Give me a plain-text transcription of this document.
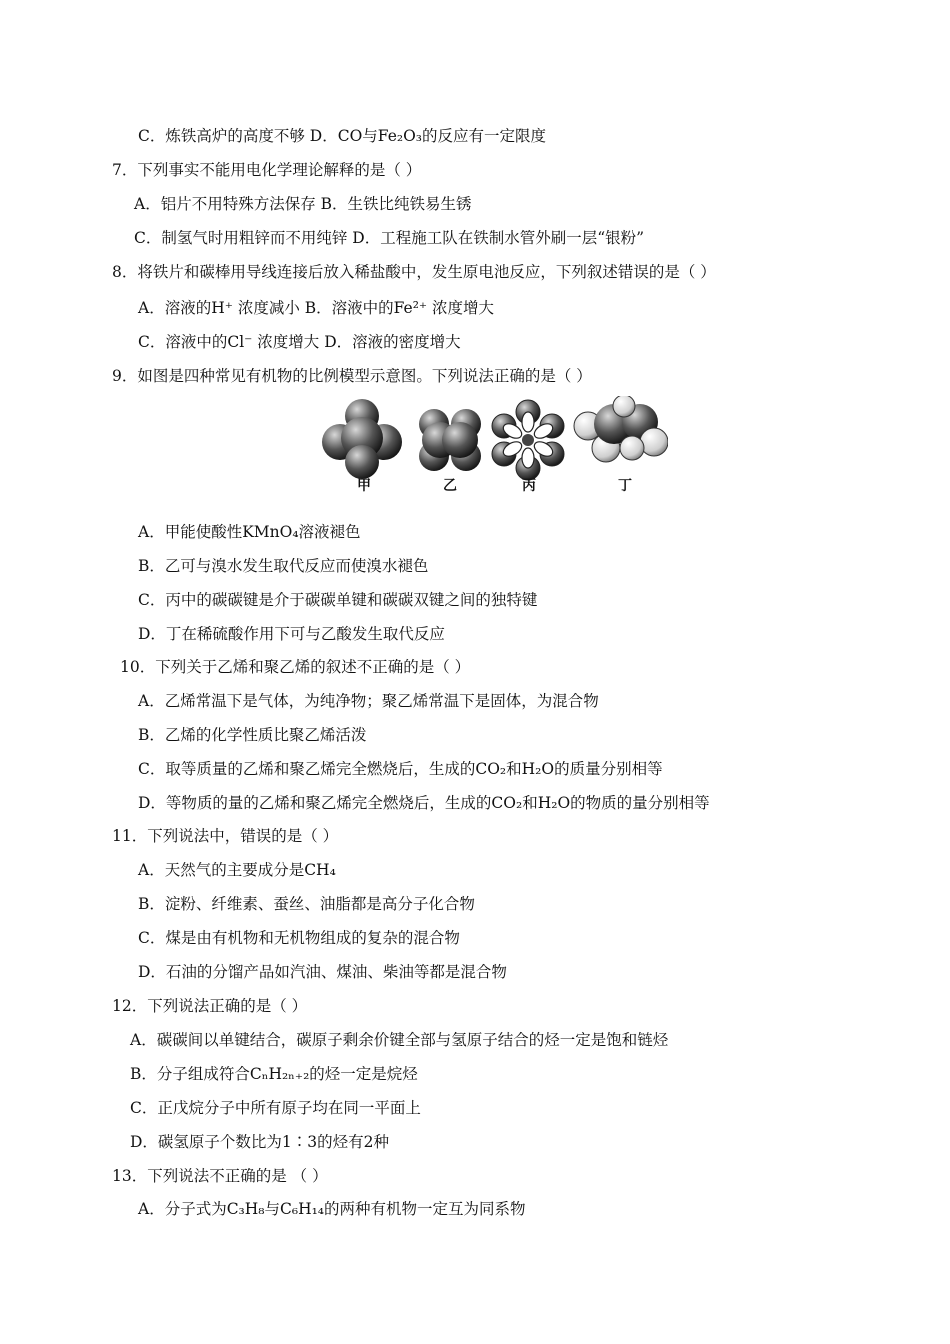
C．炼铁高炉的高度不够 D．CO与Fe₂O₃的反应有一定限度
7．下列事实不能用电化学理论解释的是（ ）
A．铝片不用特殊方法保存 B．生铁比纯铁易生锈
C．制氢气时用粗锌而不用纯锌 D．工程施工队在铁制水管外刷一层“银粉”
8．将铁片和碳棒用导线连接后放入稀盐酸中，发生原电池反应，下列叙述错误的是（ ）
A．溶液的H⁺ 浓度减小 B．溶液中的Fe²⁺ 浓度增大
C．溶液中的Cl⁻ 浓度增大 D．溶液的密度增大
9．如图是四种常见有机物的比例模型示意图。下列说法正确的是（ ）
甲	乙	丙	丁
A．甲能使酸性KMnO₄溶液褪色
B．乙可与溴水发生取代反应而使溴水褪色
C．丙中的碳碳键是介于碳碳单键和碳碳双键之间的独特键
D．丁在稀硫酸作用下可与乙酸发生取代反应
10．下列关于乙烯和聚乙烯的叙述不正确的是（ ）
A．乙烯常温下是气体，为纯净物；聚乙烯常温下是固体，为混合物
B．乙烯的化学性质比聚乙烯活泼
C．取等质量的乙烯和聚乙烯完全燃烧后，生成的CO₂和H₂O的质量分别相等
D．等物质的量的乙烯和聚乙烯完全燃烧后，生成的CO₂和H₂O的物质的量分别相等
11．下列说法中，错误的是（ ）
A．天然气的主要成分是CH₄
B．淀粉、纤维素、蚕丝、油脂都是高分子化合物
C．煤是由有机物和无机物组成的复杂的混合物
D．石油的分馏产品如汽油、煤油、柴油等都是混合物
12．下列说法正确的是（ ）
A．碳碳间以单键结合，碳原子剩余价键全部与氢原子结合的烃一定是饱和链烃
B．分子组成符合CₙH₂ₙ₊₂的烃一定是烷烃
C．正戊烷分子中所有原子均在同一平面上
D．碳氢原子个数比为1∶3的烃有2种
13．下列说法不正确的是 （ ）
A．分子式为C₃H₈与C₆H₁₄的两种有机物一定互为同系物
